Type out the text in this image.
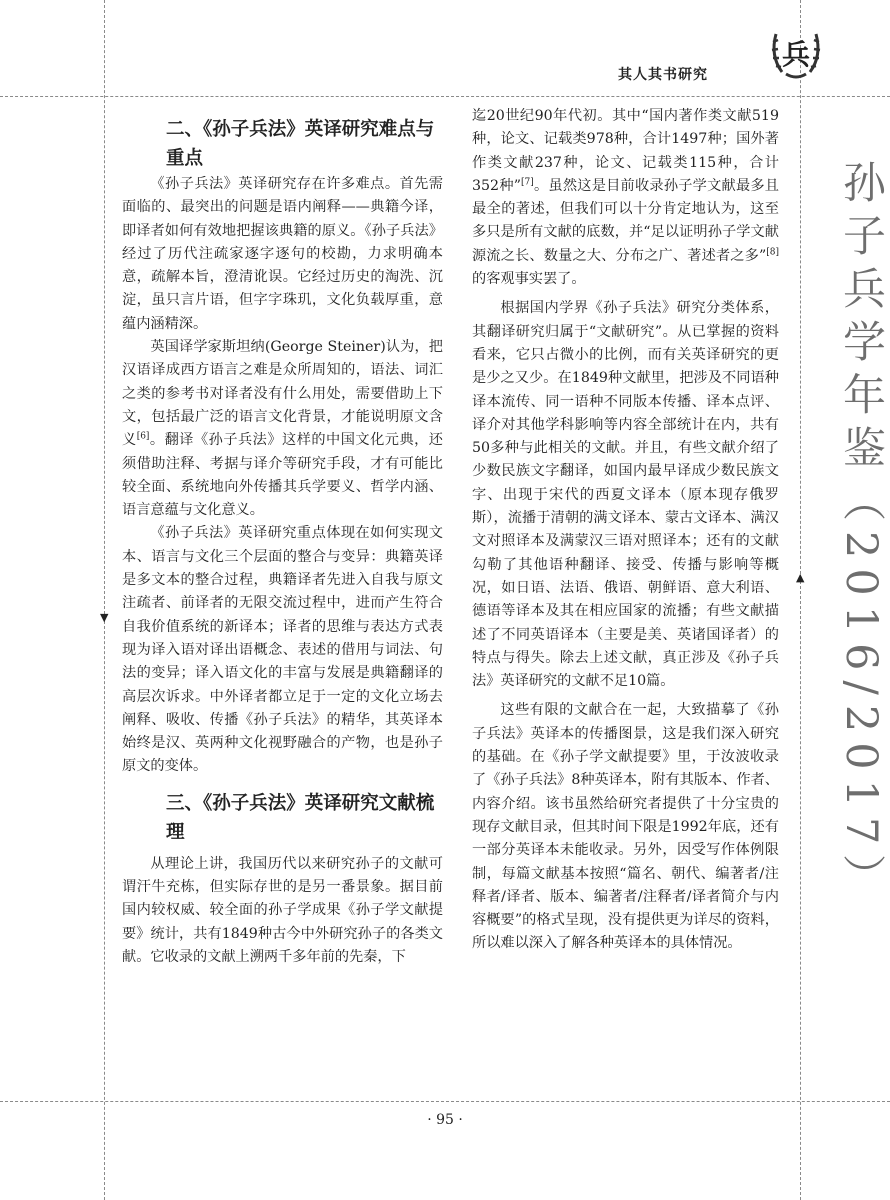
▼
▲
其人其书研究
兵
孙子兵学年鉴（2016/2017）
二、《孙子兵法》英译研究难点与重点

《孙子兵法》英译研究存在许多难点。首先需面临的、最突出的问题是语内阐释——典籍今译，即译者如何有效地把握该典籍的原义。《孙子兵法》经过了历代注疏家逐字逐句的校勘，力求明确本意，疏解本旨，澄清讹误。它经过历史的淘洗、沉淀，虽只言片语，但字字珠玑，文化负载厚重，意蕴内涵精深。

英国译学家斯坦纳(George Steiner)认为，把汉语译成西方语言之难是众所周知的，语法、词汇之类的参考书对译者没有什么用处，需要借助上下文，包括最广泛的语言文化背景，才能说明原文含义[6]。翻译《孙子兵法》这样的中国文化元典，还须借助注释、考据与译介等研究手段，才有可能比较全面、系统地向外传播其兵学要义、哲学内涵、语言意蕴与文化意义。

《孙子兵法》英译研究重点体现在如何实现文本、语言与文化三个层面的整合与变异：典籍英译是多文本的整合过程，典籍译者先进入自我与原文注疏者、前译者的无限交流过程中，进而产生符合自我价值系统的新译本；译者的思维与表达方式表现为译入语对译出语概念、表述的借用与词法、句法的变异；译入语文化的丰富与发展是典籍翻译的高层次诉求。中外译者都立足于一定的文化立场去阐释、吸收、传播《孙子兵法》的精华，其英译本始终是汉、英两种文化视野融合的产物，也是孙子原文的变体。

三、《孙子兵法》英译研究文献梳理

从理论上讲，我国历代以来研究孙子的文献可谓汗牛充栋，但实际存世的是另一番景象。据目前国内较权威、较全面的孙子学成果《孙子学文献提要》统计，共有1849种古今中外研究孙子的各类文献。它收录的文献上溯两千多年前的先秦，下

迄20世纪90年代初。其中“国内著作类文献519种，论文、记载类978种，合计1497种；国外著作类文献237种，论文、记载类115种，合计352种”[7]。虽然这是目前收录孙子学文献最多且最全的著述，但我们可以十分肯定地认为，这至多只是所有文献的底数，并“足以证明孙子学文献源流之长、数量之大、分布之广、著述者之多”[8]的客观事实罢了。

根据国内学界《孙子兵法》研究分类体系，其翻译研究归属于“文献研究”。从已掌握的资料看来，它只占微小的比例，而有关英译研究的更是少之又少。在1849种文献里，把涉及不同语种译本流传、同一语种不同版本传播、译本点评、译介对其他学科影响等内容全部统计在内，共有50多种与此相关的文献。并且，有些文献介绍了少数民族文字翻译，如国内最早译成少数民族文字、出现于宋代的西夏文译本（原本现存俄罗斯），流播于清朝的满文译本、蒙古文译本、满汉文对照译本及满蒙汉三语对照译本；还有的文献勾勒了其他语种翻译、接受、传播与影响等概况，如日语、法语、俄语、朝鲜语、意大利语、德语等译本及其在相应国家的流播；有些文献描述了不同英语译本（主要是美、英诸国译者）的特点与得失。除去上述文献，真正涉及《孙子兵法》英译研究的文献不足10篇。

这些有限的文献合在一起，大致描摹了《孙子兵法》英译本的传播图景，这是我们深入研究的基础。在《孙子学文献提要》里，于汝波收录了《孙子兵法》8种英译本，附有其版本、作者、内容介绍。该书虽然给研究者提供了十分宝贵的现存文献目录，但其时间下限是1992年底，还有一部分英译本未能收录。另外，因受写作体例限制，每篇文献基本按照“篇名、朝代、编著者/注释者/译者、版本、编著者/注释者/译者简介与内容概要”的格式呈现，没有提供更为详尽的资料，所以难以深入了解各种英译本的具体情况。

· 95 ·
